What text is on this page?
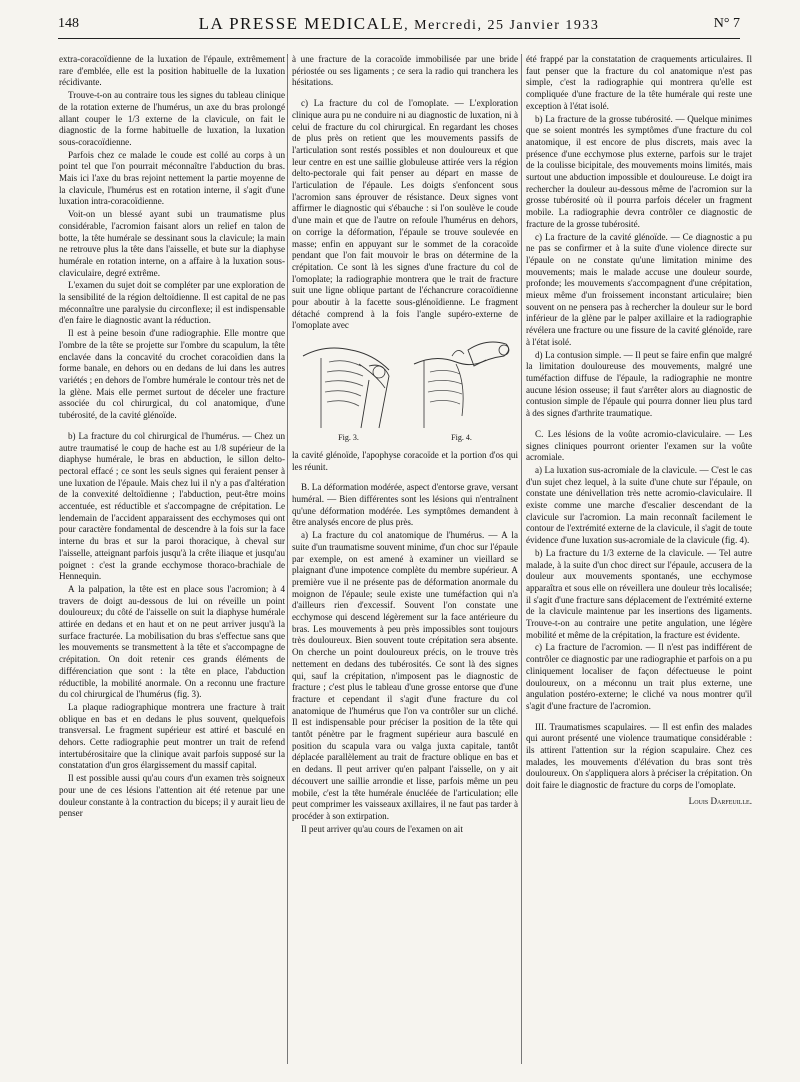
148	LA PRESSE MEDICALE, Mercredi, 25 Janvier 1933	N° 7

extra-coracoïdienne de la luxation de l'épaule, extrêmement rare d'emblée, elle est la position habituelle de la luxation récidivante.

Trouve-t-on au contraire tous les signes du tableau clinique de la rotation externe de l'humérus, un axe du bras prolongé allant couper le 1/3 externe de la clavicule, on fait le diagnostic de la forme habituelle de luxation, la luxation sous-coracoïdienne.

Parfois chez ce malade le coude est collé au corps à un point tel que l'on pourrait méconnaître l'abduction du bras. Mais ici l'axe du bras rejoint nettement la partie moyenne de la clavicule, l'humérus est en rotation interne, il s'agit d'une luxation intra-coracoïdienne.

Voit-on un blessé ayant subi un traumatisme plus considérable, l'acromion faisant alors un relief en talon de botte, la tête humérale se dessinant sous la clavicule; la main ne retrouve plus la tête dans l'aisselle, et bute sur la diaphyse humérale en rotation interne, on a affaire à la luxation sous-claviculaire, degré extrême.

L'examen du sujet doit se compléter par une exploration de la sensibilité de la région deltoïdienne. Il est capital de ne pas méconnaître une paralysie du circonflexe; il est indispensable d'en faire le diagnostic avant la réduction.

Il est à peine besoin d'une radiographie. Elle montre que l'ombre de la tête se projette sur l'ombre du scapulum, la tête enclavée dans la concavité du crochet coracoïdien dans la forme banale, en dehors ou en dedans de lui dans les autres variétés ; en dehors de l'ombre humérale le contour très net de la glène. Mais elle permet surtout de déceler une fracture associée du col chirurgical, du col anatomique, d'une tubérosité, de la cavité glénoïde.

b) La fracture du col chirurgical de l'humérus. — Chez un autre traumatisé le coup de hache est au 1/8 supérieur de la diaphyse humérale, le bras en abduction, le sillon delto-pectoral effacé ; ce sont les seuls signes qui feraient penser à une luxation de l'épaule. Mais chez lui il n'y a pas d'altération de la convexité deltoïdienne ; l'abduction, peut-être moins accentuée, est réductible et s'accompagne de crépitation. Le lendemain de l'accident apparaissent des ecchymoses qui ont pour caractère fondamental de descendre à la fois sur la face interne du bras et sur la paroi thoracique, à cheval sur l'aisselle, atteignant parfois jusqu'à la crête iliaque et jusqu'au poignet : c'est la grande ecchymose thoraco-brachiale de Hennequin.

A la palpation, la tête est en place sous l'acromion; à 4 travers de doigt au-dessous de lui on réveille un point douloureux; du côté de l'aisselle on suit la diaphyse humérale attirée en dedans et en haut et on ne peut arriver jusqu'à la surface fracturée. La mobilisation du bras s'effectue sans que les mouvements se transmettent à la tête et s'accompagne de crépitation. On doit retenir ces grands éléments de différenciation que sont : la tête en place, l'abduction réductible, la mobilité anormale. On a reconnu une fracture du col chirurgical de l'humérus (fig. 3).

La plaque radiographique montrera une fracture à trait oblique en bas et en dedans le plus souvent, quelquefois transversal. Le fragment supérieur est attiré et basculé en dehors. Cette radiographie peut montrer un trait de refend intertubérositaire que la clinique avait parfois supposé sur la constatation d'un gros élargissement du massif capital.

Il est possible aussi qu'au cours d'un examen très soigneux pour une de ces lésions l'attention ait été retenue par une douleur constante à la contraction du biceps; il y aurait lieu de penser

à une fracture de la coracoïde immobilisée par une bride périostée ou ses ligaments ; ce sera la radio qui tranchera les hésitations.

c) La fracture du col de l'omoplate. — L'exploration clinique aura pu ne conduire ni au diagnostic de luxation, ni à celui de fracture du col chirurgical. En regardant les choses de plus près on retient que les mouvements passifs de l'articulation sont restés possibles et non douloureux et que leur centre en est une saillie globuleuse attirée vers la région delto-pectorale qui fait penser au départ en masse de l'articulation de l'épaule. Les doigts s'enfoncent sous l'acromion sans éprouver de résistance. Deux signes vont affirmer le diagnostic qui s'ébauche : si l'on soulève le coude d'une main et que de l'autre on refoule l'humérus en dehors, on corrige la déformation, l'épaule se trouve soulevée en masse; enfin en appuyant sur le sommet de la coracoïde pendant que l'on fait mouvoir le bras on détermine de la crépitation. Ce sont là les signes d'une fracture du col de l'omoplate; la radiographie montrera que le trait de fracture suit une ligne oblique partant de l'échancrure coracoïdienne pour aboutir à la facette sous-glénoïdienne. Le fragment détaché comprend à la fois l'angle supéro-externe de l'omoplate avec

Fig. 3.	Fig. 4.

la cavité glénoïde, l'apophyse coracoïde et la portion d'os qui les réunit.

B. La déformation modérée, aspect d'entorse grave, versant huméral. — Bien différentes sont les lésions qui n'entraînent qu'une déformation modérée. Les symptômes demandent à être analysés encore de plus près.

a) La fracture du col anatomique de l'humérus. — A la suite d'un traumatisme souvent minime, d'un choc sur l'épaule par exemple, on est amené à examiner un vieillard se plaignant d'une impotence complète du membre supérieur. A première vue il ne présente pas de déformation anormale du moignon de l'épaule; seule existe une tuméfaction qui n'a d'ailleurs rien d'excessif. Souvent l'on constate une ecchymose qui descend légèrement sur la face antérieure du bras. Les mouvements à peu près impossibles sont toujours très douloureux. Bien souvent toute crépitation sera absente. On cherche un point douloureux précis, on le trouve très nettement en dedans des tubérosités. Ce sont là des signes qui, sauf la crépitation, n'imposent pas le diagnostic de fracture ; c'est plus le tableau d'une grosse entorse que d'une fracture et cependant il s'agit d'une fracture du col anatomique de l'humérus que l'on va contrôler sur un cliché. Il est indispensable pour préciser la position de la tête qui tantôt pénètre par le fragment supérieur aura basculé en position du scapula vara ou valga juxta capitale, tantôt déplacée parallèlement au trait de fracture oblique en bas et en dedans. Il peut arriver qu'en palpant l'aisselle, on y ait découvert une saillie arrondie et lisse, parfois même un peu mobile, c'est la tête humérale énucléée de l'articulation; elle peut comprimer les vaisseaux axillaires, il ne faut pas tarder à procéder à son extirpation.

Il peut arriver qu'au cours de l'examen on ait

été frappé par la constatation de craquements articulaires. Il faut penser que la fracture du col anatomique n'est pas simple, c'est la radiographie qui montrera qu'elle est compliquée d'une fracture de la tête humérale qui reste une exception à l'état isolé.

b) La fracture de la grosse tubérosité. — Quelque minimes que se soient montrés les symptômes d'une fracture du col anatomique, il est encore de plus discrets, mais avec la présence d'une ecchymose plus externe, parfois sur le trajet de la coulisse bicipitale, des mouvements moins limités, mais surtout une abduction impossible et douloureuse. Le doigt ira rechercher la douleur au-dessous même de l'acromion sur la grosse tubérosité où il pourra parfois déceler un fragment mobile. La radiographie devra contrôler ce diagnostic de fracture de la grosse tubérosité.

c) La fracture de la cavité glénoïde. — Ce diagnostic a pu ne pas se confirmer et à la suite d'une violence directe sur l'épaule on ne constate qu'une limitation minime des mouvements; mais le malade accuse une douleur sourde, profonde; les mouvements s'accompagnent d'une crépitation, mieux même d'un froissement inconstant articulaire; bien souvent on ne pensera pas à rechercher la douleur sur le bord inférieur de la glène par le palper axillaire et la radiographie révélera une fracture ou une fissure de la cavité glénoïde, rare à l'état isolé.

d) La contusion simple. — Il peut se faire enfin que malgré la limitation douloureuse des mouvements, malgré une tuméfaction diffuse de l'épaule, la radiographie ne montre aucune lésion osseuse; il faut s'arrêter alors au diagnostic de contusion simple de l'épaule qui pourra donner lieu plus tard à des signes d'arthrite traumatique.

C. Les lésions de la voûte acromio-claviculaire. — Les signes cliniques pourront orienter l'examen sur la voûte acromiale.

a) La luxation sus-acromiale de la clavicule. — C'est le cas d'un sujet chez lequel, à la suite d'une chute sur l'épaule, on constate une dénivellation très nette acromio-claviculaire. Il existe comme une marche d'escalier descendant de la clavicule sur l'acromion. La main reconnaît facilement le contour de l'extrémité externe de la clavicule, il s'agit de toute évidence d'une luxation sus-acromiale de la clavicule (fig. 4).

b) La fracture du 1/3 externe de la clavicule. — Tel autre malade, à la suite d'un choc direct sur l'épaule, accusera de la douleur aux mouvements spontanés, une ecchymose apparaîtra et sous elle on réveillera une douleur très localisée; il s'agit d'une fracture sans déplacement de l'extrémité externe de la clavicule maintenue par les insertions des ligaments. Trouve-t-on au contraire une petite angulation, une légère mobilité et même de la crépitation, la fracture est évidente.

c) La fracture de l'acromion. — Il n'est pas indifférent de contrôler ce diagnostic par une radiographie et parfois on a pu cliniquement localiser de façon défectueuse le point douloureux, on a méconnu un trait plus externe, une angulation postéro-externe; le cliché va nous montrer qu'il s'agit d'une fracture de l'acromion.

III. Traumatismes scapulaires. — Il est enfin des malades qui auront présenté une violence traumatique considérable : ils attirent l'attention sur la région scapulaire. Chez ces malades, les mouvements d'élévation du bras sont très douloureux. On s'appliquera alors à préciser la crépitation. On doit faire le diagnostic de fracture du corps de l'omoplate.

Louis Darfeuille.
